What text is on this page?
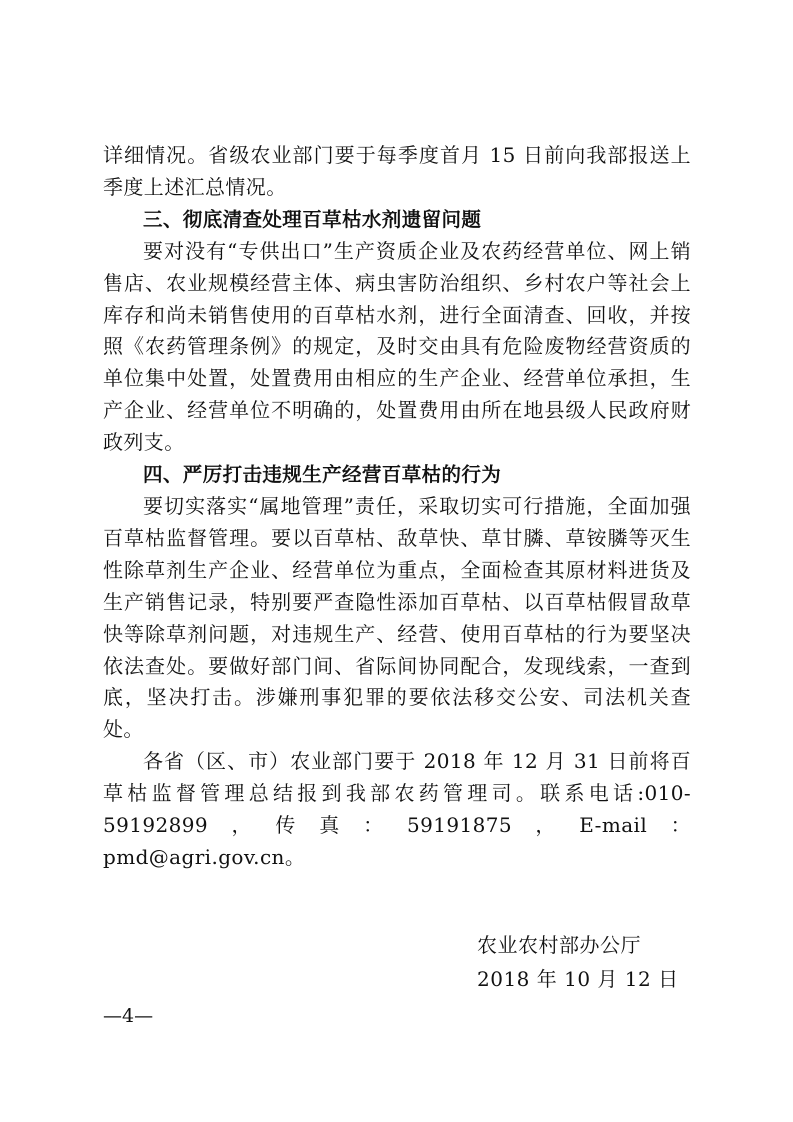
详细情况。省级农业部门要于每季度首月 15 日前向我部报送上季度上述汇总情况。

三、彻底清查处理百草枯水剂遗留问题

要对没有“专供出口”生产资质企业及农药经营单位、网上销售店、农业规模经营主体、病虫害防治组织、乡村农户等社会上库存和尚未销售使用的百草枯水剂，进行全面清查、回收，并按照《农药管理条例》的规定，及时交由具有危险废物经营资质的单位集中处置，处置费用由相应的生产企业、经营单位承担，生产企业、经营单位不明确的，处置费用由所在地县级人民政府财政列支。

四、严厉打击违规生产经营百草枯的行为

要切实落实“属地管理”责任，采取切实可行措施，全面加强百草枯监督管理。要以百草枯、敌草快、草甘膦、草铵膦等灭生性除草剂生产企业、经营单位为重点，全面检查其原材料进货及生产销售记录，特别要严查隐性添加百草枯、以百草枯假冒敌草快等除草剂问题，对违规生产、经营、使用百草枯的行为要坚决依法查处。要做好部门间、省际间协同配合，发现线索，一查到底，坚决打击。涉嫌刑事犯罪的要依法移交公安、司法机关查处。

各省（区、市）农业部门要于 2018 年 12 月 31 日前将百草枯监督管理总结报到我部农药管理司。联系电话:010-59192899，传真：59191875，E-mail：pmd@agri.gov.cn。

农业农村部办公厅
2018 年 10 月 12 日
—4—
